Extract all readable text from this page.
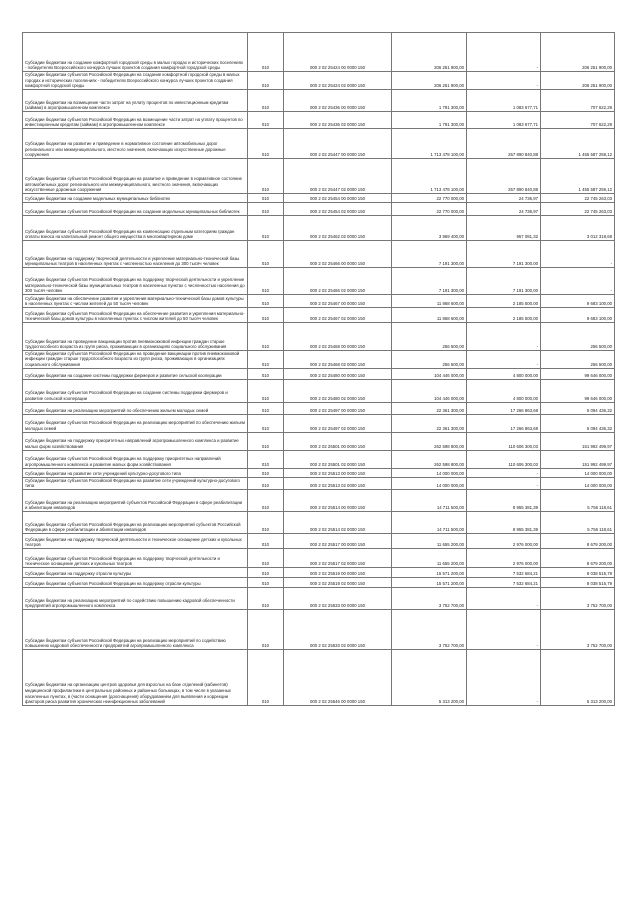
Субсидии бюджетам на создание комфортной городской среды в малых городах и исторических поселениях - победителях Всероссийского конкурса лучших проектов создания комфортной городской среды	010	000 2 02 25424 00 0000 150	206 251 900,00	-	206 251 900,00
Субсидии бюджетам субъектов Российской Федерации на создание комфортной городской среды в малых городах и исторических поселениях - победителях Всероссийского конкурса лучших проектов создания комфортной городской среды	010	000 2 02 25424 02 0000 150	206 251 900,00	-	206 251 900,00
Субсидии бюджетам на возмещение части затрат на уплату процентов по инвестиционным кредитам (займам) в агропромышленном комплексе	010	000 2 02 25436 00 0000 150	1 791 300,00	1 083 677,71	707 622,29
Субсидии бюджетам субъектов Российской Федерации на возмещение части затрат на уплату процентов по инвестиционным кредитам (займам) в агропромышленном комплексе	010	000 2 02 25436 02 0000 150	1 791 300,00	1 083 677,71	707 622,29
Субсидии бюджетам на развитие и приведение в нормативное состояние автомобильных дорог регионального или межмуниципального, местного значения, включающих искусственные дорожные сооружения	010	000 2 02 25447 00 0000 150	1 713 478 100,00	257 890 840,88	1 455 587 259,12
Субсидии бюджетам субъектов Российской Федерации на развитие и приведение в нормативное состояние автомобильных дорог регионального или межмуниципального, местного значения, включающих искусственные дорожные сооружения	010	000 2 02 25447 02 0000 150	1 713 478 100,00	257 890 840,88	1 455 587 259,12
Субсидии бюджетам на создание модельных муниципальных библиотек	010	000 2 02 25454 00 0000 150	22 770 000,00	24 736,97	22 745 263,03
Субсидии бюджетам субъектов Российской Федерации на создание модельных муниципальных библиотек	010	000 2 02 25454 02 0000 150	22 770 000,00	24 736,97	22 745 263,03
Субсидии бюджетам субъектов Российской Федерации на компенсацию отдельным категориям граждан оплаты взноса на капитальный ремонт общего имущества в многоквартирном доме	010	000 2 02 25462 02 0000 150	3 969 400,00	957 081,32	3 012 318,68
Субсидии бюджетам на поддержку творческой деятельности и укрепление материально-технической базы муниципальных театров в населенных пунктах с численностью населения до 300 тысяч человек	010	000 2 02 25466 00 0000 150	7 191 300,00	7 191 300,00	-
Субсидии бюджетам субъектов Российской Федерации на поддержку творческой деятельности и укрепление материально-технической базы муниципальных театров в населенных пунктах с численностью населения до 300 тысяч человек	010	000 2 02 25466 02 0000 150	7 191 300,00	7 191 300,00	-
Субсидии бюджетам на обеспечение развития и укрепления материально-технической базы домов культуры в населенных пунктах с числом жителей до 50 тысяч человек	010	000 2 02 25467 00 0000 150	11 868 600,00	2 185 500,00	9 683 100,00
Субсидии бюджетам субъектов Российской Федерации на обеспечение развития и укрепления материально-технической базы домов культуры в населенных пунктах с числом жителей до 50 тысяч человек	010	000 2 02 25467 02 0000 150	11 868 600,00	2 185 500,00	9 683 100,00
Субсидии бюджетам на проведение вакцинации против пневмококковой инфекции граждан старше трудоспособного возраста из групп риска, проживающих в организациях социального обслуживания	010	000 2 02 25468 00 0000 150	256 500,00	-	256 500,00
Субсидии бюджетам субъектов Российской Федерации на проведение вакцинации против пневмококковой инфекции граждан старше трудоспособного возраста из групп риска, проживающих в организациях социального обслуживания	010	000 2 02 25468 02 0000 150	256 500,00	-	256 500,00
Субсидии бюджетам на создание системы поддержки фермеров и развитие сельской кооперации	010	000 2 02 25480 00 0000 150	104 446 000,00	4 800 000,00	99 646 000,00
Субсидии бюджетам субъектов Российской Федерации на создание системы поддержки фермеров и развитие сельской кооперации	010	000 2 02 25480 02 0000 150	104 446 000,00	4 800 000,00	99 646 000,00
Субсидии бюджетам на реализацию мероприятий по обеспечению жильем молодых семей	010	000 2 02 25497 00 0000 150	22 361 300,00	17 266 863,68	5 094 436,32
Субсидии бюджетам субъектов Российской Федерации на реализацию мероприятий по обеспечению жильем молодых семей	010	000 2 02 25497 02 0000 150	22 361 300,00	17 266 863,68	5 094 436,32
Субсидии бюджетам на поддержку приоритетных направлений агропромышленного комплекса и развитие малых форм хозяйствования	010	000 2 02 25501 00 0000 150	262 598 800,00	110 606 300,03	151 992 499,97
Субсидии бюджетам субъектов Российской Федерации на поддержку приоритетных направлений агропромышленного комплекса и развитие малых форм хозяйствования	010	000 2 02 25501 02 0000 150	262 598 800,00	110 606 300,03	151 992 499,97
Субсидии бюджетам на развитие сети учреждений культурно-досугового типа	010	000 2 02 25513 00 0000 150	14 000 000,00	-	14 000 000,00
Субсидии бюджетам субъектов Российской Федерации на развитие сети учреждений культурно-досугового типа	010	000 2 02 25513 02 0000 150	14 000 000,00	-	14 000 000,00
Субсидии бюджетам на реализацию мероприятий субъектов Российской Федерации в сфере реабилитации и абилитации инвалидов	010	000 2 02 25514 00 0000 150	14 711 500,00	8 955 381,39	5 756 118,61
Субсидии бюджетам субъектов Российской Федерации на реализацию мероприятий субъектов Российской Федерации в сфере реабилитации и абилитации инвалидов	010	000 2 02 25514 02 0000 150	14 711 500,00	8 955 381,39	5 756 118,61
Субсидии бюджетам на поддержку творческой деятельности и техническое оснащение детских и кукольных театров	010	000 2 02 25517 00 0000 150	11 655 200,00	2 976 000,00	8 679 200,00
Субсидии бюджетам субъектов Российской Федерации на поддержку творческой деятельности и техническое оснащение детских и кукольных театров	010	000 2 02 25517 02 0000 150	11 655 200,00	2 976 000,00	8 679 200,00
Субсидии бюджетам на поддержку отрасли культуры	010	000 2 02 25519 00 0000 150	15 571 200,00	7 532 684,21	8 038 515,79
Субсидии бюджетам субъектов Российской Федерации на поддержку отрасли культуры	010	000 2 02 25519 02 0000 150	15 571 200,00	7 532 684,21	8 038 515,79
Субсидии бюджетам на реализацию мероприятий по содействию повышению кадровой обеспеченности предприятий агропромышленного комплекса	010	000 2 02 25533 00 0000 150	3 752 700,00	-	3 752 700,00
Субсидии бюджетам субъектов Российской Федерации на реализацию мероприятий по содействию повышению кадровой обеспеченности предприятий агропромышленного комплекса	010	000 2 02 25533 02 0000 150	3 752 700,00	-	3 752 700,00
Субсидии бюджетам на организацию центров здоровья для взрослых на базе отделений (кабинетов) медицинской профилактики в центральных районных и районных больницах, в том числе в указанных населенных пунктах, в (части оснащения (дооснащения) оборудованием для выявления и коррекции факторов риска развития хронических неинфекционных заболеваний	010	000 2 02 25546 00 0000 150	5 313 200,00	-	5 313 200,00
